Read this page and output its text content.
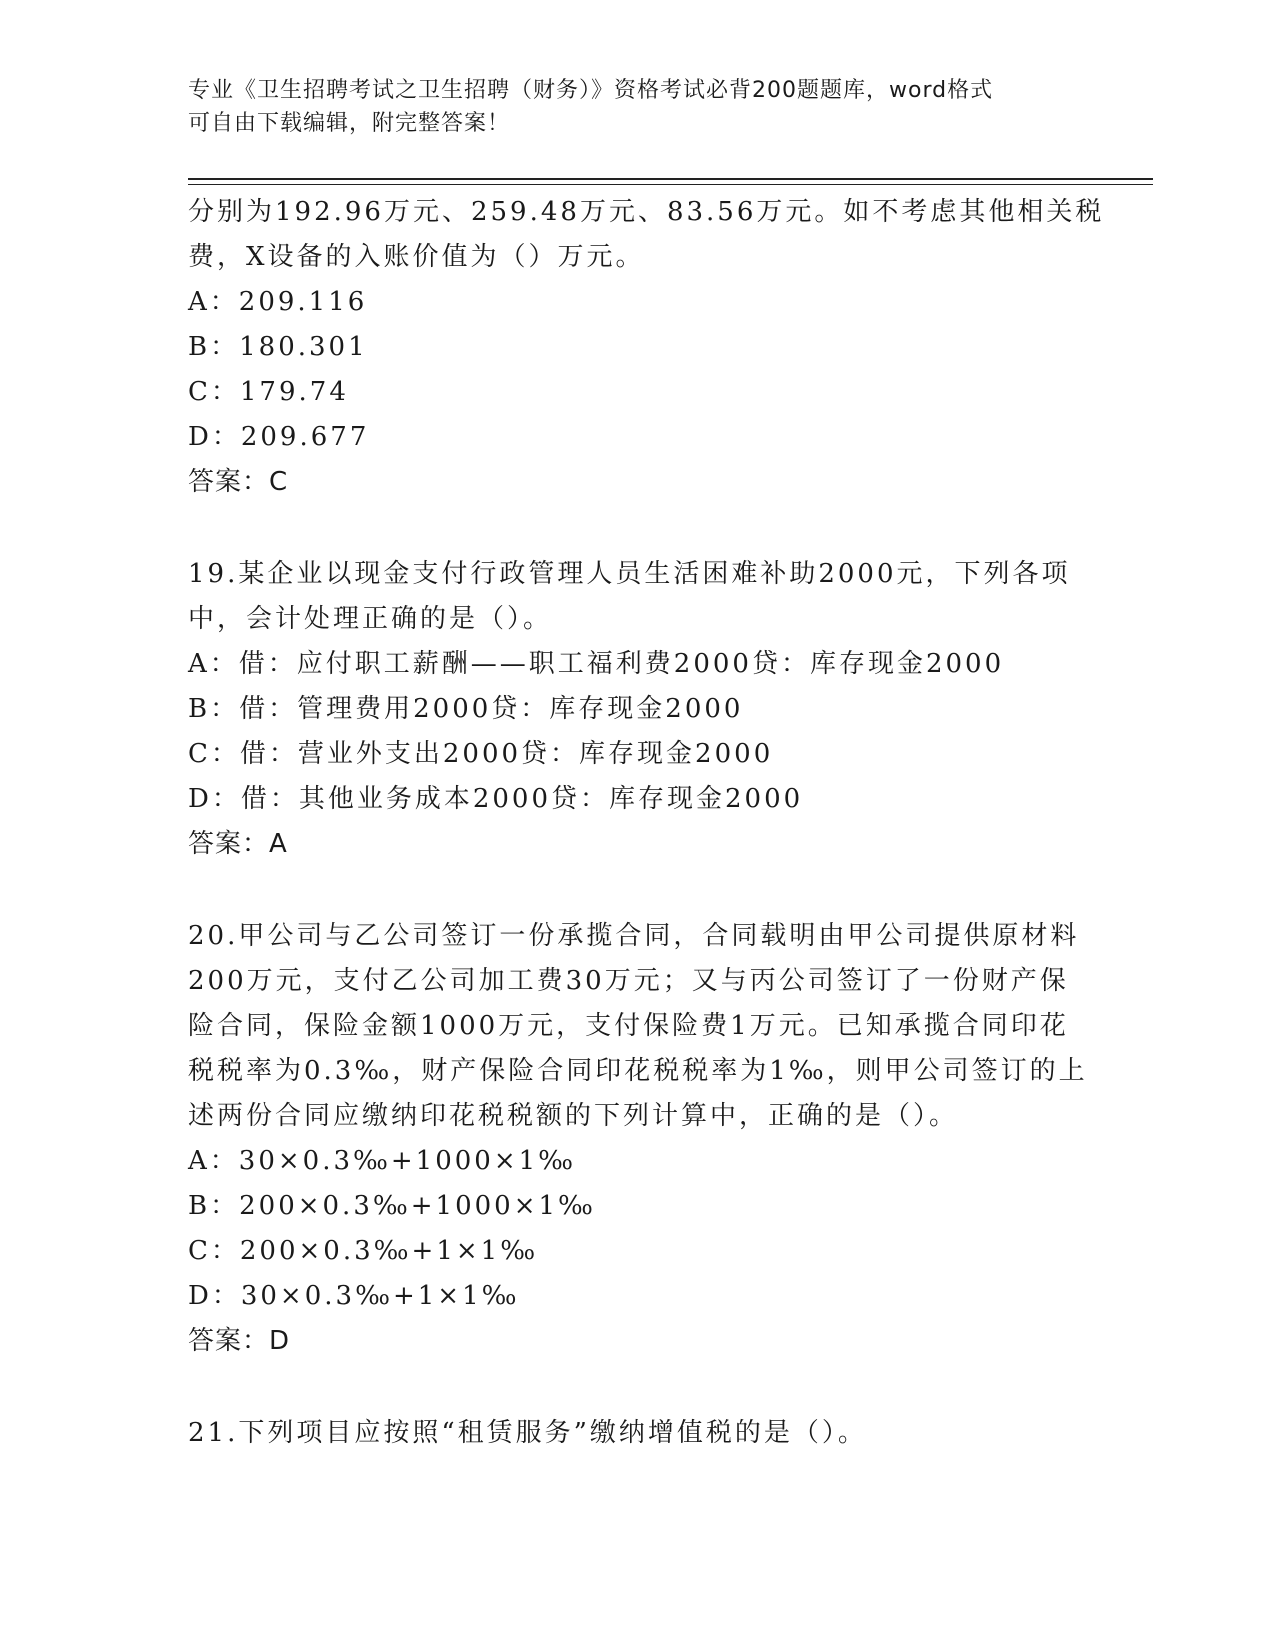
专业《卫生招聘考试之卫生招聘（财务）》资格考试必背200题题库，word格式
可自由下载编辑，附完整答案！
分别为192.96万元、259.48万元、83.56万元。如不考虑其他相关税
费，X设备的入账价值为（）万元。
A：209.116
B：180.301
C：179.74
D：209.677
答案：C
19.某企业以现金支付行政管理人员生活困难补助2000元，下列各项
中，会计处理正确的是（）。
A：借：应付职工薪酬——职工福利费2000贷：库存现金2000
B：借：管理费用2000贷：库存现金2000
C：借：营业外支出2000贷：库存现金2000
D：借：其他业务成本2000贷：库存现金2000
答案：A
20.甲公司与乙公司签订一份承揽合同，合同载明由甲公司提供原材料
200万元，支付乙公司加工费30万元；又与丙公司签订了一份财产保
险合同，保险金额1000万元，支付保险费1万元。已知承揽合同印花
税税率为0.3‰，财产保险合同印花税税率为1‰，则甲公司签订的上
述两份合同应缴纳印花税税额的下列计算中，正确的是（）。
A：30×0.3‰+1000×1‰
B：200×0.3‰+1000×1‰
C：200×0.3‰+1×1‰
D：30×0.3‰+1×1‰
答案：D
21.下列项目应按照“租赁服务”缴纳增值税的是（）。
